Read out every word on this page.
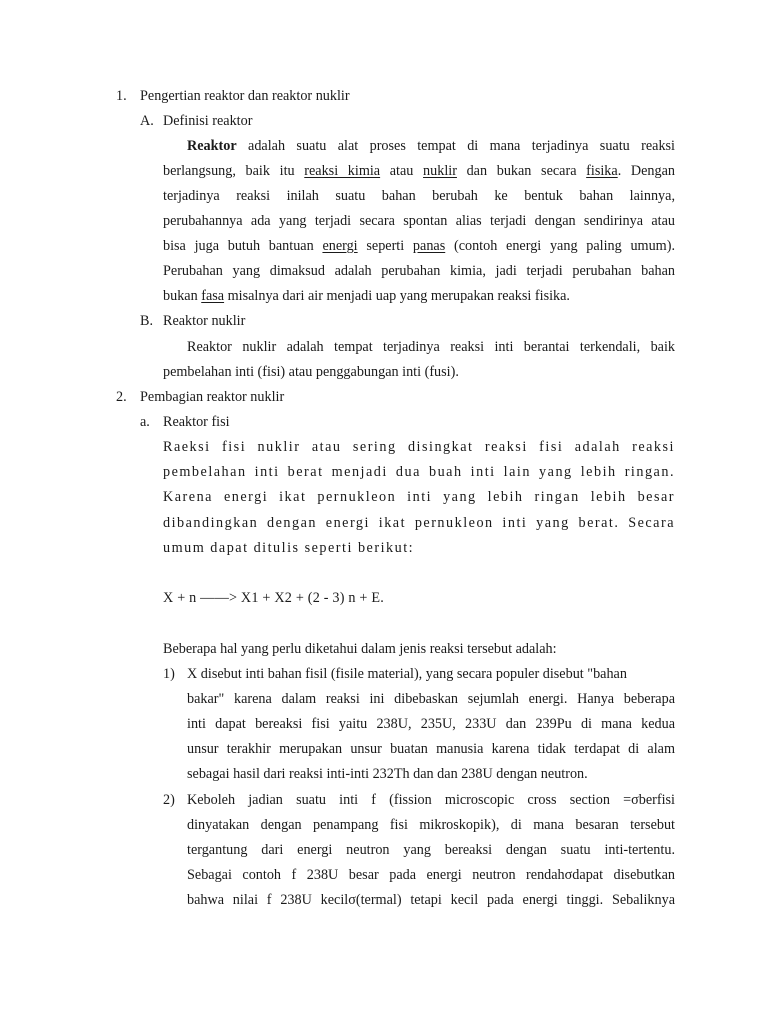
1. Pengertian reaktor dan reaktor nuklir
A. Definisi reaktor
Reaktor adalah suatu alat proses tempat di mana terjadinya suatu reaksi
berlangsung, baik itu reaksi kimia atau nuklir dan bukan secara fisika. Dengan
terjadinya reaksi inilah suatu bahan berubah ke bentuk bahan lainnya,
perubahannya ada yang terjadi secara spontan alias terjadi dengan sendirinya atau
bisa juga butuh bantuan energi seperti panas (contoh energi yang paling umum).
Perubahan yang dimaksud adalah perubahan kimia, jadi terjadi perubahan bahan
bukan fasa misalnya dari air menjadi uap yang merupakan reaksi fisika.
B. Reaktor nuklir
Reaktor nuklir adalah tempat terjadinya reaksi inti berantai terkendali, baik
pembelahan inti (fisi) atau penggabungan inti (fusi).
2. Pembagian reaktor nuklir
a. Reaktor fisi
Raeksi fisi nuklir atau sering disingkat reaksi fisi adalah reaksi
pembelahan inti berat menjadi dua buah inti lain yang lebih ringan.
Karena energi ikat pernukleon inti yang lebih ringan lebih besar
dibandingkan dengan energi ikat pernukleon inti yang berat. Secara
umum dapat ditulis seperti berikut:
X + n ——> X1 + X2 + (2 - 3) n + E.
Beberapa hal yang perlu diketahui dalam jenis reaksi tersebut adalah:
1) X disebut inti bahan fisil (fisile material), yang secara populer disebut "bahan
bakar" karena dalam reaksi ini dibebaskan sejumlah energi. Hanya beberapa
inti dapat bereaksi fisi yaitu 238U, 235U, 233U dan 239Pu di mana kedua
unsur terakhir merupakan unsur buatan manusia karena tidak terdapat di alam
sebagai hasil dari reaksi inti-inti 232Th dan dan 238U dengan neutron.
2) Keboleh jadian suatu inti f (fission microscopic cross section =σberfisi
dinyatakan dengan penampang fisi mikroskopik), di mana besaran tersebut
tergantung dari energi neutron yang bereaksi dengan suatu inti-tertentu.
Sebagai contoh f 238U besar pada energi neutron rendahσdapat disebutkan
bahwa nilai f 238U kecilσ(termal) tetapi kecil pada energi tinggi. Sebaliknya
